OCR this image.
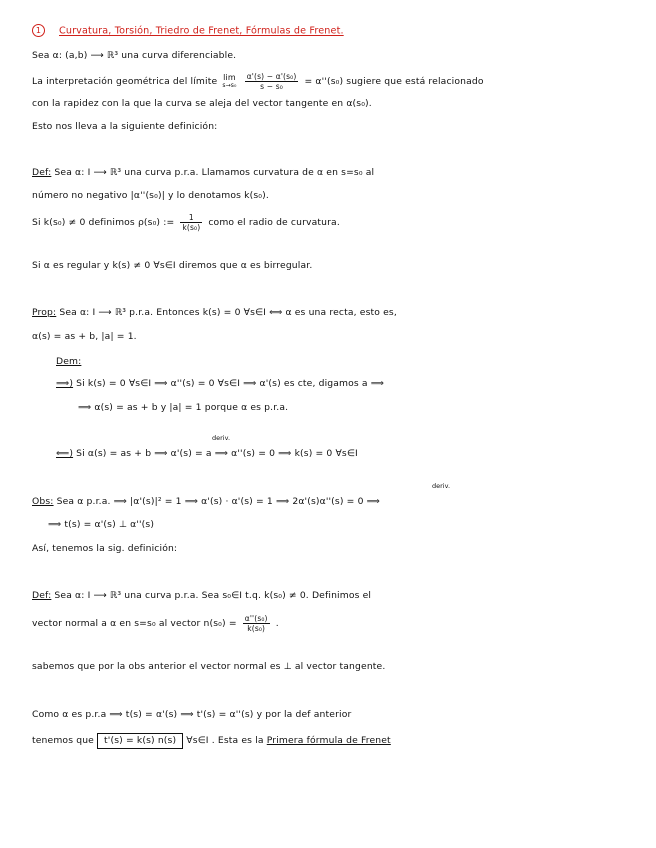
1 Curvatura, Torsión, Triedro de Frenet, Fórmulas de Frenet.
Sea α: (a,b) ⟶ ℝ³ una curva diferenciable.
La interpretación geométrica del límite lim
s→s₀
$\frac{\text{α'(s) − α'(s₀)}}{\text{s − s₀}} = \alpha''(s_0)$ sugiere que está relacionado
con la rapidez con la que la curva se aleja del vector tangente en α(s₀).
Esto nos lleva a la siguiente definición:
Def: Sea α: I ⟶ ℝ³ una curva p.r.a. Llamamos curvatura de α en s=s₀ al
número no negativo |α''(s₀)| y lo denotamos k(s₀).
Si k(s₀) ≠ 0 definimos ρ(s₀) := $\frac{1}{\text{k(s₀)}}$ como el radio de curvatura.
Si α es regular y k(s) ≠ 0 ∀s∈I diremos que α es birregular.
Prop: Sea α: I ⟶ ℝ³ p.r.a. Entonces k(s) = 0 ∀s∈I ⟺ α es una recta, esto es,
α(s) = as + b, |a| = 1.
Dem:
⟹) Si k(s) = 0 ∀s∈I ⟹ α''(s) = 0 ∀s∈I ⟹ α'(s) es cte, digamos a ⟹
⟹ α(s) = as + b y |a| = 1 porque α es p.r.a.
deriv.
⟸) Si α(s) = as + b ⟹ α'(s) = a ⟹ α''(s) = 0 ⟹ k(s) = 0 ∀s∈I
deriv.
Obs: Sea α p.r.a. ⟹ |α'(s)|² = 1 ⟹ α'(s) · α'(s) = 1 ⟹ 2α'(s)α''(s) = 0 ⟹
⟹ t(s) = α'(s) ⊥ α''(s)
Así, tenemos la sig. definición:
Def: Sea α: I ⟶ ℝ³ una curva p.r.a. Sea s₀∈I t.q. k(s₀) ≠ 0. Definimos el
vector normal a α en s=s₀ al vector $n(s_0) = \frac{\text{α''(s₀)}}{\text{k(s₀)}}$ .
sabemos que por la obs anterior el vector normal es ⊥ al vector tangente.
Como α es p.r.a ⟹ t(s) = α'(s) ⟹ t'(s) = α''(s) y por la def anterior
tenemos que t'(s) = k(s) n(s) ∀s∈I . Esta es la Primera fórmula de Frenet
